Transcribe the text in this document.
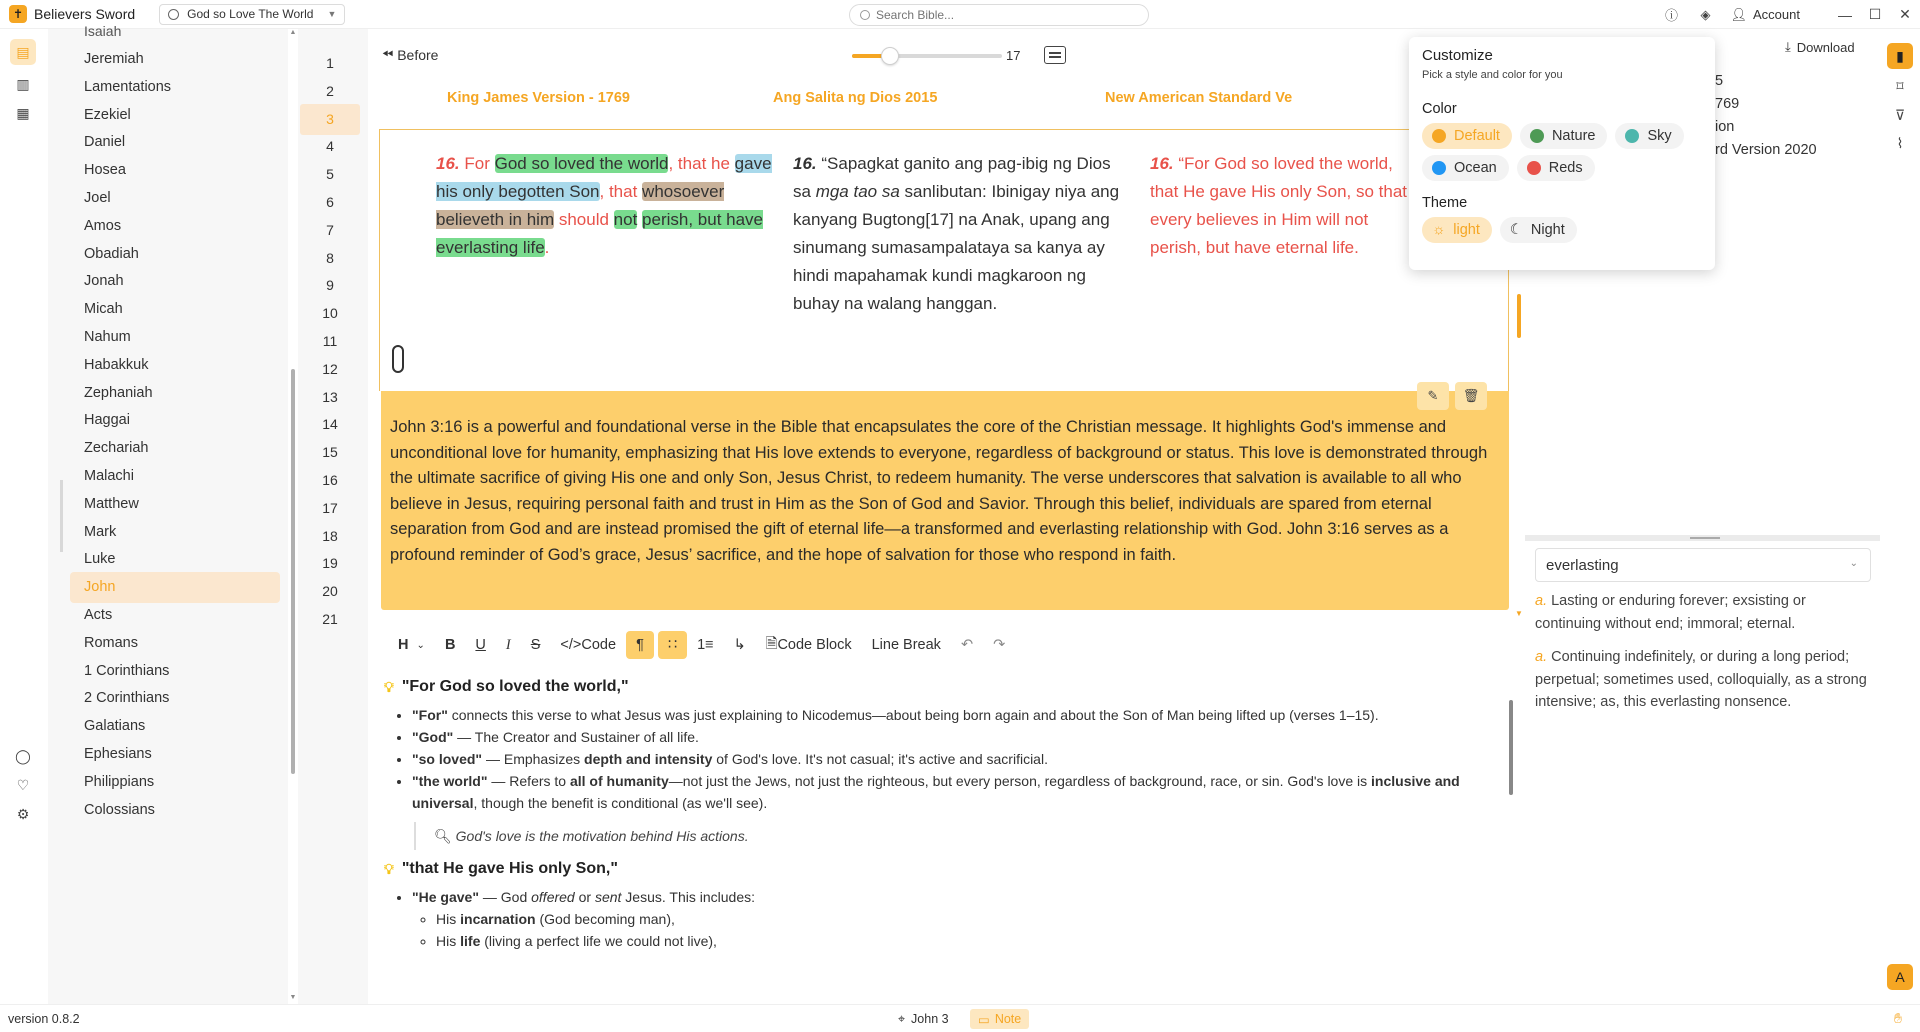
✝ Believers Sword	God so Love The World ▼
Search Bible...	ⓘ ◈ 👤︎ Account	—	☐	✕
▤
▥
▦
◯
♡
⚙
Isaiah
Jeremiah
Lamentations
Ezekiel
Daniel
Hosea
Joel
Amos
Obadiah
Jonah
Micah
Nahum
Habakkuk
Zephaniah
Haggai
Zechariah
Malachi
Matthew
Mark
Luke
John
Acts
Romans
1 Corinthians
2 Corinthians
Galatians
Ephesians
Philippians
Colossians
▲
▼
1
2
3
4
5
6
7
8
9
10
11
12
13
14
15
16
17
18
19
20
21
⏪︎ Before	17
King James Version - 1769	Ang Salita ng Dios 2015	New American Standard Ve
16. For God so loved the world, that he gave his only begotten Son, that whosoever believeth in him should not perish, but have everlasting life.
16. “Sapagkat ganito ang pag-ibig ng Dios sa mga tao sa sanlibutan: Ibinigay niya ang kanyang Bugtong[17] na Anak, upang ang sinumang sumasampalataya sa kanya ay hindi mapahamak kundi magkaroon ng buhay na walang hanggan.
16. “For God so loved the world, that He gave His only Son, so that every believes in Him will not perish, but have eternal life.
John 3:16 is a powerful and foundational verse in the Bible that encapsulates the core of the Christian message. It highlights God's immense and unconditional love for humanity, emphasizing that His love extends to everyone, regardless of background or status. This love is demonstrated through the ultimate sacrifice of giving His one and only Son, Jesus Christ, to redeem humanity. The verse underscores that salvation is available to all who believe in Jesus, requiring personal faith and trust in Him as the Son of God and Savior. Through this belief, individuals are spared from eternal separation from God and are instead promised the gift of eternal life—a transformed and everlasting relationship with God. John 3:16 serves as a profound reminder of God’s grace, Jesus’ sacrifice, and the hope of salvation for those who respond in faith.
✎	🗑︎
▼
H
⌄	B	U	I	S	</>Code	¶	∷	1≡	↳	🗎︎ Code Block	Line Break	↶	↷
💡︎ "For God so loved the world,"
• "For" connects this verse to what Jesus was just explaining to Nicodemus—about being born again and about the Son of Man being lifted up (verses 1–15).
• "God" — The Creator and Sustainer of all life.
• "so loved" — Emphasizes depth and intensity of God's love. It's not casual; it's active and sacrificial.
• "the world" — Refers to all of humanity—not just the Jews, not just the righteous, but every person, regardless of background, race, or sin. God's love is inclusive and universal, though the benefit is conditional (as we'll see).
🔍︎ God's love is the motivation behind His actions.
💡︎ "that He gave His only Son,"
• "He gave" — God offered or sent Jesus. This includes:
◦ His incarnation (God becoming man),
◦ His life (living a perfect life we could not live),
⤓ Download
5
769
ion
rd Version 2020
everlasting	⌄
a. Lasting or enduring forever; exsisting or continuing without end; immoral; eternal.
a. Continuing indefinitely, or during a long period; perpetual; sometimes used, colloquially, as a strong intensive; as, this everlasting nonsence.
▮
⌑
⊽
⌇
A
Customize
Pick a style and color for you
Color
Default	Nature	Sky
Ocean	Reds
Theme
☼ light ☾ Night
version 0.8.2	⌖ John 3 ▭ Note	✋︎
